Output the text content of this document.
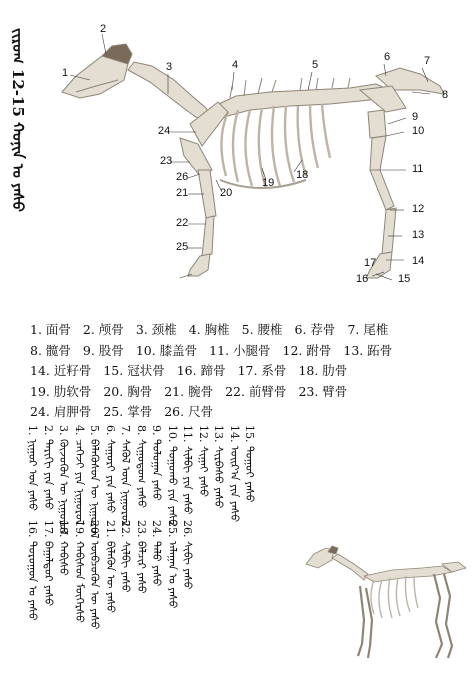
ᠵᠢᠷᠤᠭ 12-15 ᠬᠣᠨᠢᠨ ᠤ ᠶᠠᠰᠤ	1
2
3	4	5
6	7
8
9
10
11
12
13
14
15
16
17
18
19
20
21
22
23
24
25
26
1. 面骨 2. 颅骨 3. 颈椎 4. 胸椎 5. 腰椎 6. 荐骨 7. 尾椎
8. 髋骨 9. 股骨 10. 膝盖骨 11. 小腿骨 12. 跗骨 13. 跖骨
14. 近籽骨 15. 冠状骨 16. 蹄骨 17. 系骨 18. 肋骨
19. 肋软骨 20. 胸骨 21. 腕骨 22. 前臂骨 23. 臂骨
24. 肩胛骨 25. 掌骨 26. 尺骨
1. ᠨᠢᠭᠤᠷ ᠤᠨ ᠶᠠᠰᠤ 2. ᠲᠠᠷᠢᠬᠢ ᠶᠢᠨ ᠶᠠᠰᠤ 3. ᠬᠦᠵᠦᠭᠦᠨ ᠦ ᠨᠢᠭᠤᠷᠤᠯ 4. ᠴᠡᠭᠡᠵᠢ ᠶᠢᠨ ᠨᠢᠭᠤᠷᠤᠯ 5. ᠪᠡᠯᠡᠭᠦᠰᠦᠨ ᠦ ᠨᠢᠭᠤᠷᠤᠯ 6. ᠰᠠᠭᠤᠷᠢ ᠶᠢᠨ ᠶᠠᠰᠤ 7. ᠰᠡᠭᠦᠯ ᠦᠨ ᠨᠢᠭᠤᠷᠤᠯ 8. ᠰᠢᠭᠤᠳᠤᠭ ᠶᠠᠰᠤ 9. ᠳᠣᠯᠣᠭᠠᠨ ᠶᠠᠰᠤ 10. ᠲᠣᠭᠤᠬᠤ ᠶᠢᠨ ᠶᠠᠰᠤ 11. ᠰᠢᠯᠪᠢ ᠶᠢᠨ ᠶᠠᠰᠤ 12. ᠰᠢᠭᠠᠢ ᠶᠠᠰᠤ 13. ᠰᠢᠷᠪᠡᠰᠦ ᠶᠠᠰᠤ 14. ᠤᠢᠷ᠎ᠠ ᠶᠢᠨ ᠶᠠᠰᠤ 15. ᠳᠤᠭᠤᠢ ᠶᠠᠰᠤ
16. ᠲᠤᠷᠤᠭᠤᠨ ᠤ ᠶᠠᠰᠤ 17. ᠪᠠᠭᠠᠯᠳᠤᠷ ᠶᠠᠰᠤ 18. ᠬᠠᠪᠢᠰᠤ 19. ᠬᠠᠪᠢᠰᠤᠨ ᠮᠥᠭᠡᠷᠰᠦ 20. ᠥᠪᠴᠦᠭᠦᠨ ᠦ ᠶᠠᠰᠤ 21. ᠪᠢᠯᠡᠭᠦᠨ ᠦ ᠶᠠᠰᠤ 22. ᠰᠢᠯᠪᠢ ᠶᠠᠰᠤ 23. ᠪᠠᠯᠴᠢᠷ ᠶᠠᠰᠤ 24. ᠳᠠᠯᠤ ᠶᠠᠰᠤ 25. ᠠᠯᠠᠭᠠᠨ ᠤ ᠶᠠᠰᠤ 26. ᠰᠢᠪᠢ ᠶᠠᠰᠤ
